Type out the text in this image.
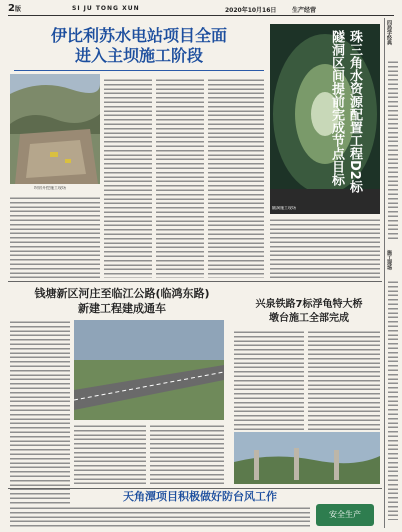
2版	SI JU TONG XUN	2020年10月16日	生产经营
伊比利苏水电站项目全面
进入主坝施工阶段
坝肩开挖施工现场	珠三角水资源配置工程D2标
隧洞区间提前完成节点目标
隧洞施工现场
四局学经典
施工现场
钱塘新区河庄至临江公路(临鸿东路)
新建工程建成通车	兴泉铁路7标浮龟特大桥
墩台施工全部完成
天角潭项目积极做好防台风工作
安全生产
